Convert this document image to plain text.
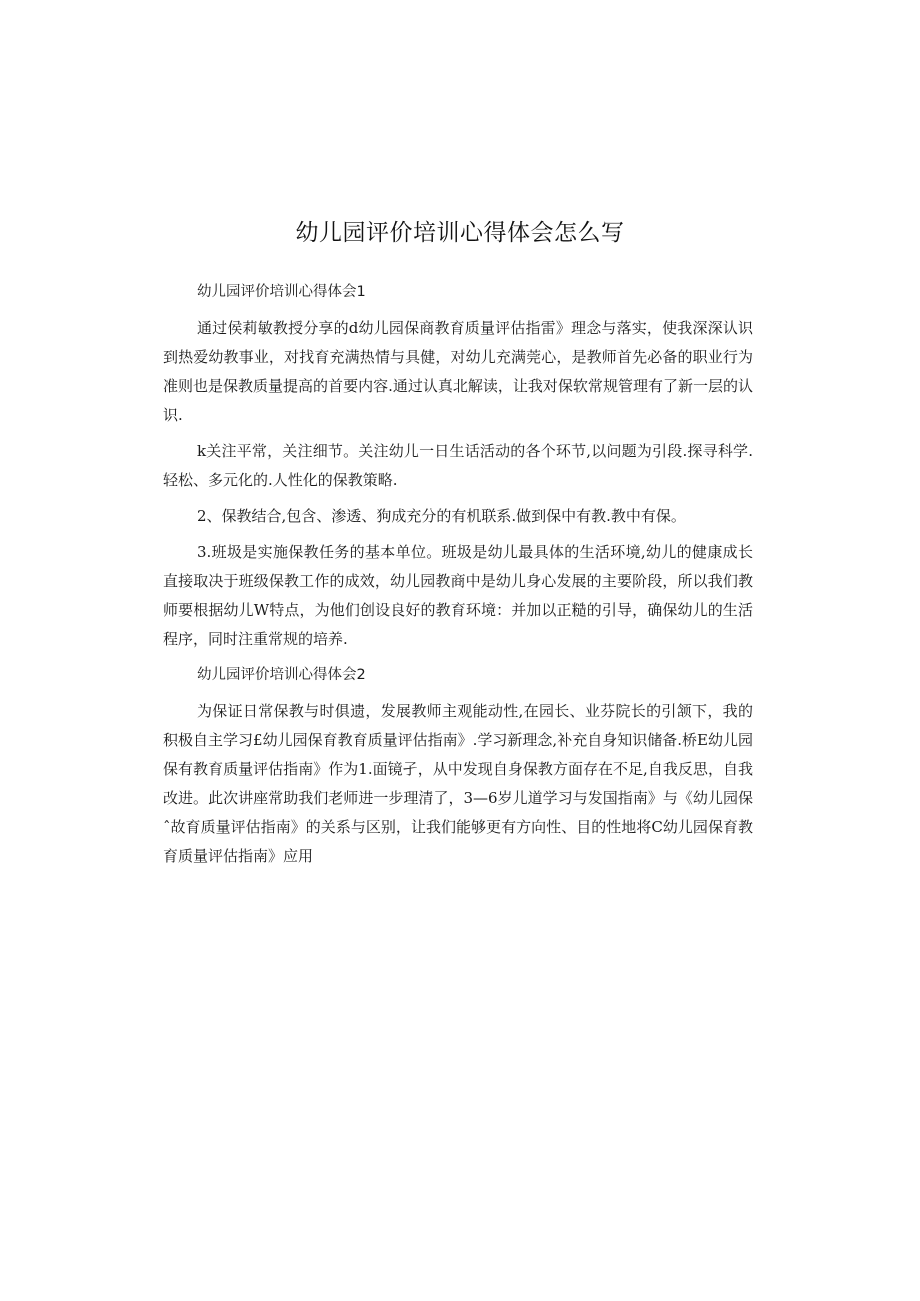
幼儿园评价培训心得体会怎么写

幼儿园评价培训心得体会1

通过侯莉敏教授分享的d幼儿园保商教育质量评估指雷》理念与落实，使我深深认识到热爱幼教事业，对找育充满热情与具健，对幼儿充满莞心，是教师首先必备的职业行为准则也是保教质量提高的首要内容.通过认真北解读，让我对保软常规管理有了新一层的认识.

k关注平常，关注细节。关注幼儿一日生话活动的各个环节,以问题为引段.探寻科学.轻松、多元化的.人性化的保教策略.

2、保教结合,包含、渗透、狗成充分的有机联系.做到保中有教.教中有保。

3.班圾是实施保教任务的基本单位。班圾是幼儿最具体的生活环境,幼儿的健康成长直接取决于班级保教工作的成效，幼儿园教商中是幼儿身心发展的主要阶段，所以我们教师要根据幼儿W特点，为他们创设良好的教育环境：并加以正糙的引导，确保幼儿的生活程序，同时注重常规的培养.

幼儿园评价培训心得体会2

为保证日常保教与时俱遗，发展教师主观能动性,在园长、业芬院长的引颔下，我的积极自主学习£幼儿园保育教育质量评估指南》.学习新理念,补充自身知识储备.桥E幼儿园保有教育质量评估指南》作为1.面镜孑，从中发现自身保教方面存在不足,自我反思，自我改进。此次讲座常助我们老师进一步理清了，3—6岁儿道学习与发国指南》与《幼儿园保ˆ故育质量评估指南》的关系与区别，让我们能够更有方向性、目的性地将C幼儿园保育教育质量评估指南》应用
